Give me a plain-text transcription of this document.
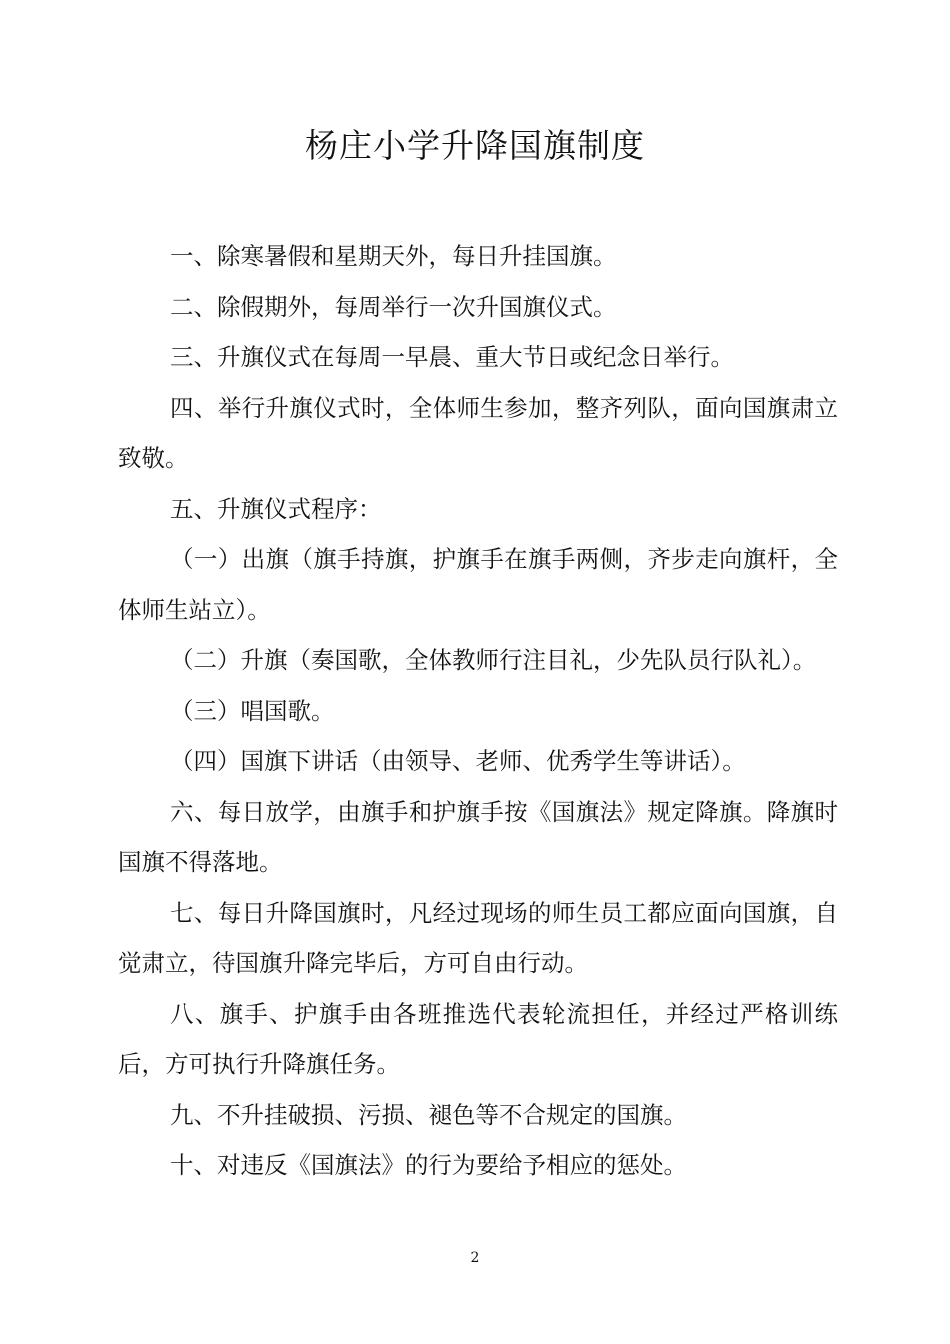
杨庄小学升降国旗制度

一、除寒暑假和星期天外，每日升挂国旗。

二、除假期外，每周举行一次升国旗仪式。

三、升旗仪式在每周一早晨、重大节日或纪念日举行。

四、举行升旗仪式时，全体师生参加，整齐列队，面向国旗肃立致敬。

五、升旗仪式程序：

（一）出旗（旗手持旗，护旗手在旗手两侧，齐步走向旗杆，全体师生站立）。

（二）升旗（奏国歌，全体教师行注目礼，少先队员行队礼）。

（三）唱国歌。

（四）国旗下讲话（由领导、老师、优秀学生等讲话）。

六、每日放学，由旗手和护旗手按《国旗法》规定降旗。降旗时国旗不得落地。

七、每日升降国旗时，凡经过现场的师生员工都应面向国旗，自觉肃立，待国旗升降完毕后，方可自由行动。

八、旗手、护旗手由各班推选代表轮流担任，并经过严格训练后，方可执行升降旗任务。

九、不升挂破损、污损、褪色等不合规定的国旗。

十、对违反《国旗法》的行为要给予相应的惩处。

2
